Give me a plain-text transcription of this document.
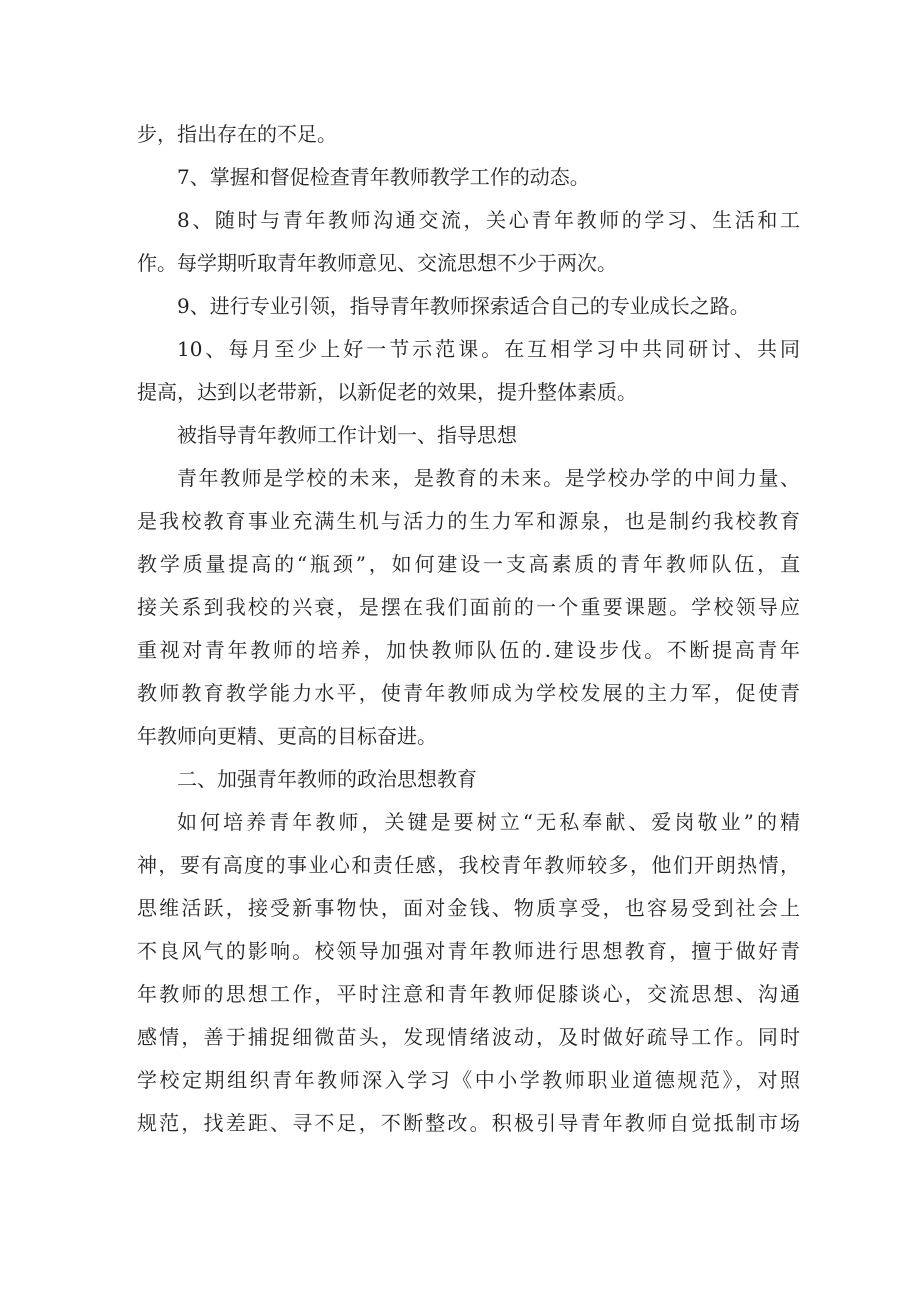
步，指出存在的不足。
7、掌握和督促检查青年教师教学工作的动态。
8、随时与青年教师沟通交流，关心青年教师的学习、生活和工
作。每学期听取青年教师意见、交流思想不少于两次。
9、进行专业引领，指导青年教师探索适合自己的专业成长之路。
10、每月至少上好一节示范课。在互相学习中共同研讨、共同
提高，达到以老带新，以新促老的效果，提升整体素质。
被指导青年教师工作计划一、指导思想
青年教师是学校的未来，是教育的未来。是学校办学的中间力量、
是我校教育事业充满生机与活力的生力军和源泉，也是制约我校教育
教学质量提高的“瓶颈”，如何建设一支高素质的青年教师队伍，直
接关系到我校的兴衰，是摆在我们面前的一个重要课题。学校领导应
重视对青年教师的培养，加快教师队伍的.建设步伐。不断提高青年
教师教育教学能力水平，使青年教师成为学校发展的主力军，促使青
年教师向更精、更高的目标奋进。
二、加强青年教师的政治思想教育
如何培养青年教师，关键是要树立“无私奉献、爱岗敬业”的精
神，要有高度的事业心和责任感，我校青年教师较多，他们开朗热情，
思维活跃，接受新事物快，面对金钱、物质享受，也容易受到社会上
不良风气的影响。校领导加强对青年教师进行思想教育，擅于做好青
年教师的思想工作，平时注意和青年教师促膝谈心，交流思想、沟通
感情，善于捕捉细微苗头，发现情绪波动，及时做好疏导工作。同时
学校定期组织青年教师深入学习《中小学教师职业道德规范》，对照
规范，找差距、寻不足，不断整改。积极引导青年教师自觉抵制市场
